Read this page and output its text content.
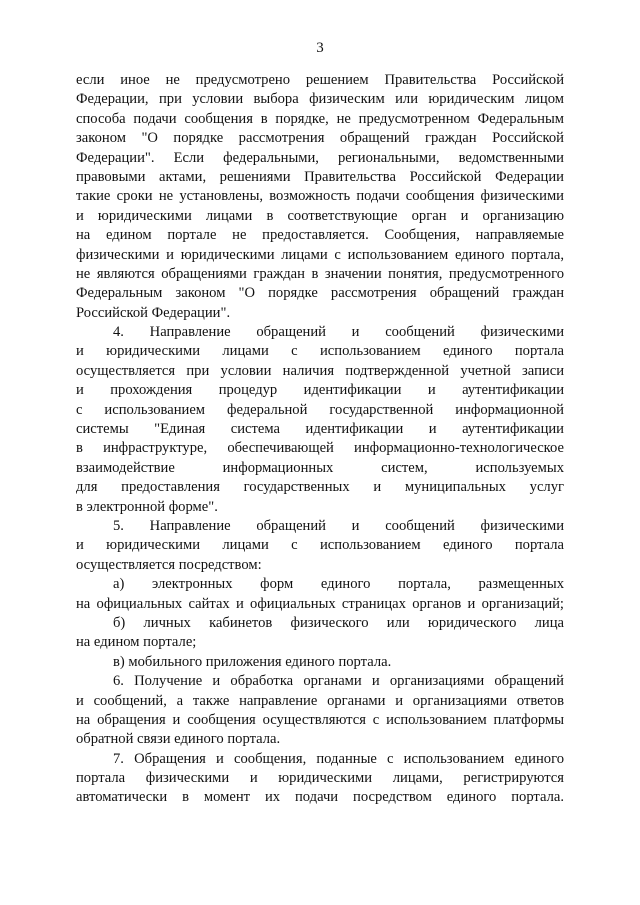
3
если иное не предусмотрено решением Правительства Российской
Федерации, при условии выбора физическим или юридическим лицом
способа подачи сообщения в порядке, не предусмотренном Федеральным
законом "О порядке рассмотрения обращений граждан Российской
Федерации". Если федеральными, региональными, ведомственными
правовыми актами, решениями Правительства Российской Федерации
такие сроки не установлены, возможность подачи сообщения физическими
и юридическими лицами в соответствующие орган и организацию
на едином портале не предоставляется. Сообщения, направляемые
физическими и юридическими лицами с использованием единого портала,
не являются обращениями граждан в значении понятия, предусмотренного
Федеральным законом "О порядке рассмотрения обращений граждан
Российской Федерации".
4. Направление обращений и сообщений физическими
и юридическими лицами с использованием единого портала
осуществляется при условии наличия подтвержденной учетной записи
и прохождения процедур идентификации и аутентификации
с использованием федеральной государственной информационной
системы "Единая система идентификации и аутентификации
в инфраструктуре, обеспечивающей информационно-технологическое
взаимодействие информационных систем, используемых
для предоставления государственных и муниципальных услуг
в электронной форме".
5. Направление обращений и сообщений физическими
и юридическими лицами с использованием единого портала
осуществляется посредством:
а) электронных форм единого портала, размещенных
на официальных сайтах и официальных страницах органов и организаций;
б) личных кабинетов физического или юридического лица
на едином портале;
в) мобильного приложения единого портала.
6. Получение и обработка органами и организациями обращений
и сообщений, а также направление органами и организациями ответов
на обращения и сообщения осуществляются с использованием платформы
обратной связи единого портала.
7. Обращения и сообщения, поданные с использованием единого
портала физическими и юридическими лицами, регистрируются
автоматически в момент их подачи посредством единого портала.
